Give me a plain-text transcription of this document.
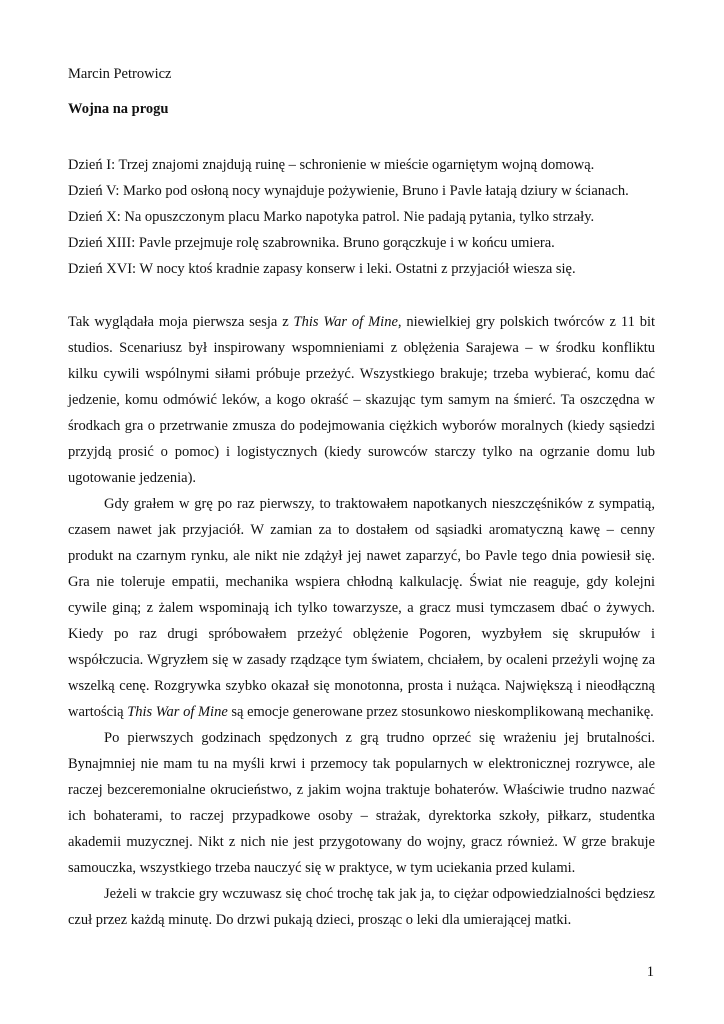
Marcin Petrowicz
Wojna na progu
Dzień I: Trzej znajomi znajdują ruinę – schronienie w mieście ogarniętym wojną domową.
Dzień V: Marko pod osłoną nocy wynajduje pożywienie, Bruno i Pavle łatają dziury w ścianach.
Dzień X: Na opuszczonym placu Marko napotyka patrol. Nie padają pytania, tylko strzały.
Dzień XIII: Pavle przejmuje rolę szabrownika. Bruno gorączkuje i w końcu umiera.
Dzień XVI: W nocy ktoś kradnie zapasy konserw i leki. Ostatni z przyjaciół wiesza się.

Tak wyglądała moja pierwsza sesja z This War of Mine, niewielkiej gry polskich twórców z 11 bit studios. Scenariusz był inspirowany wspomnieniami z oblężenia Sarajewa – w środku konfliktu kilku cywili wspólnymi siłami próbuje przeżyć. Wszystkiego brakuje; trzeba wybierać, komu dać jedzenie, komu odmówić leków, a kogo okraść – skazując tym samym na śmierć. Ta oszczędna w środkach gra o przetrwanie zmusza do podejmowania ciężkich wyborów moralnych (kiedy sąsiedzi przyjdą prosić o pomoc) i logistycznych (kiedy surowców starczy tylko na ogrzanie domu lub ugotowanie jedzenia).

Gdy grałem w grę po raz pierwszy, to traktowałem napotkanych nieszczęśników z sympatią, czasem nawet jak przyjaciół. W zamian za to dostałem od sąsiadki aromatyczną kawę – cenny produkt na czarnym rynku, ale nikt nie zdążył jej nawet zaparzyć, bo Pavle tego dnia powiesił się. Gra nie toleruje empatii, mechanika wspiera chłodną kalkulację. Świat nie reaguje, gdy kolejni cywile giną; z żalem wspominają ich tylko towarzysze, a gracz musi tymczasem dbać o żywych. Kiedy po raz drugi spróbowałem przeżyć oblężenie Pogoren, wyzbyłem się skrupułów i współczucia. Wgryzłem się w zasady rządzące tym światem, chciałem, by ocaleni przeżyli wojnę za wszelką cenę. Rozgrywka szybko okazał się monotonna, prosta i nużąca. Największą i nieodłączną wartością This War of Mine są emocje generowane przez stosunkowo nieskomplikowaną mechanikę.

Po pierwszych godzinach spędzonych z grą trudno oprzeć się wrażeniu jej brutalności. Bynajmniej nie mam tu na myśli krwi i przemocy tak popularnych w elektronicznej rozrywce, ale raczej bezceremonialne okrucieństwo, z jakim wojna traktuje bohaterów. Właściwie trudno nazwać ich bohaterami, to raczej przypadkowe osoby – strażak, dyrektorka szkoły, piłkarz, studentka akademii muzycznej. Nikt z nich nie jest przygotowany do wojny, gracz również. W grze brakuje samouczka, wszystkiego trzeba nauczyć się w praktyce, w tym uciekania przed kulami.

Jeżeli w trakcie gry wczuwasz się choć trochę tak jak ja, to ciężar odpowiedzialności będziesz czuł przez każdą minutę. Do drzwi pukają dzieci, prosząc o leki dla umierającej matki.

1
